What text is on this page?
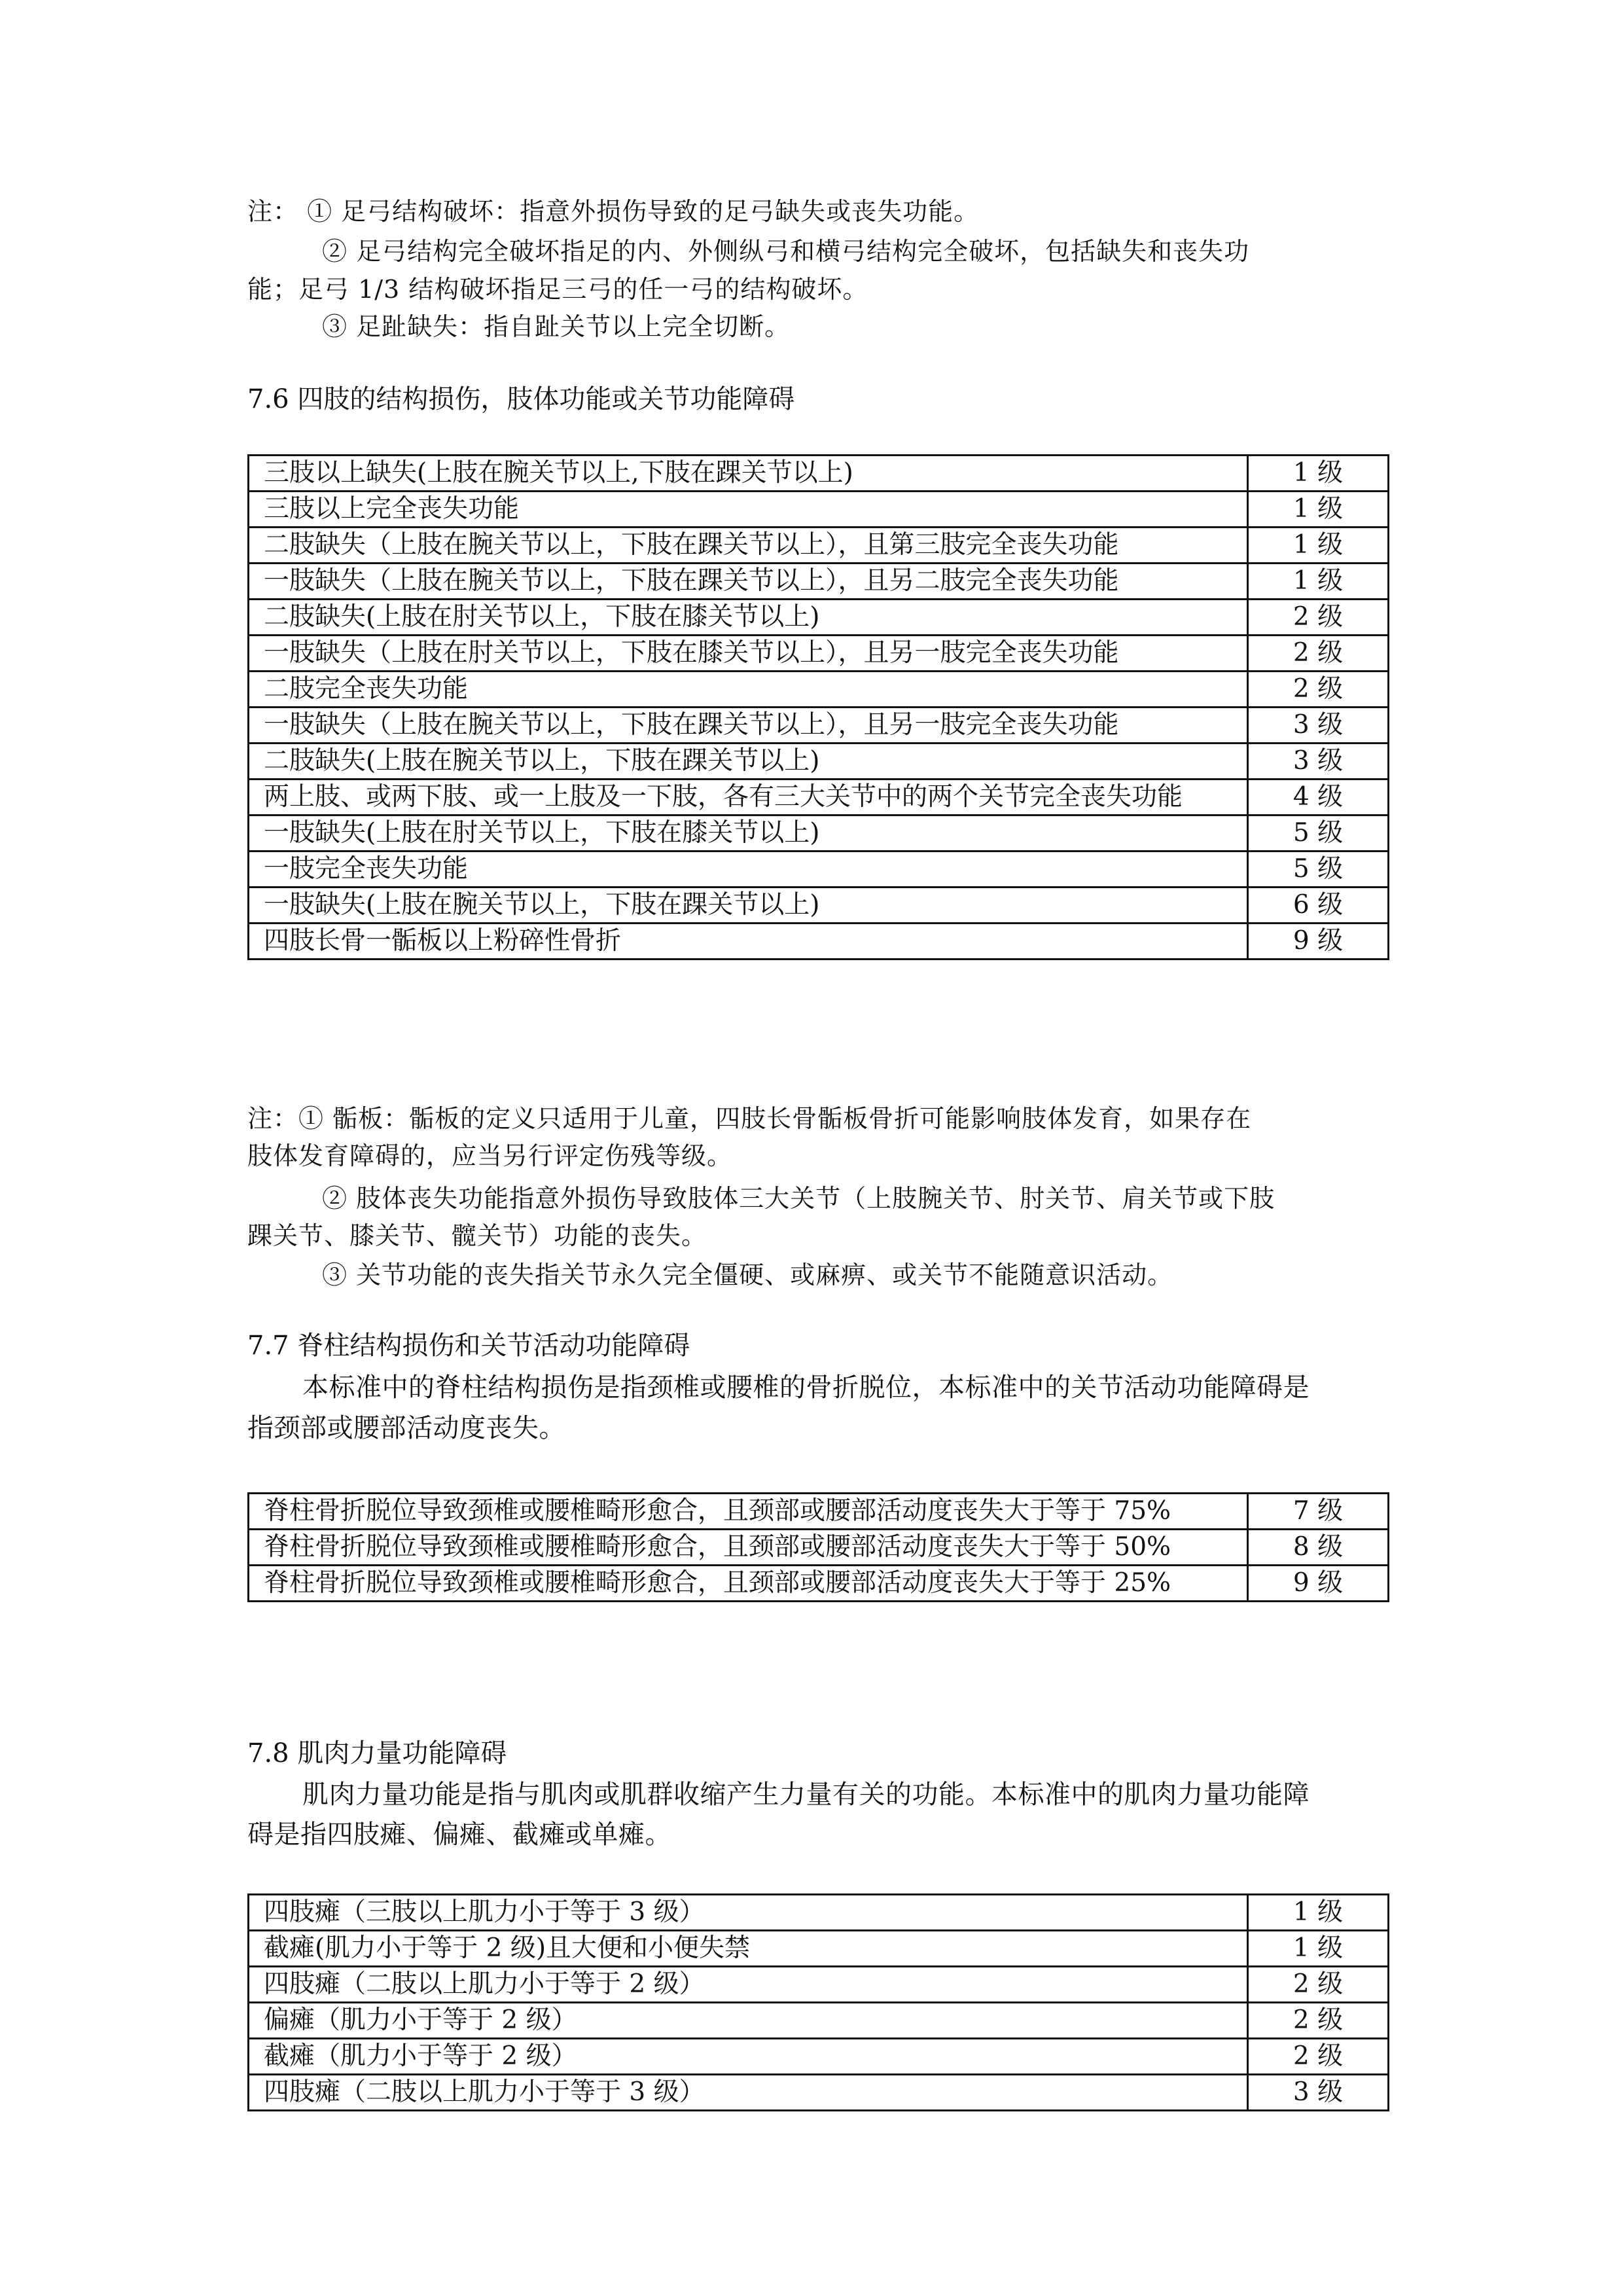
注： ① 足弓结构破坏：指意外损伤导致的足弓缺失或丧失功能。
② 足弓结构完全破坏指足的内、外侧纵弓和横弓结构完全破坏，包括缺失和丧失功
能；足弓 1/3 结构破坏指足三弓的任一弓的结构破坏。
③ 足趾缺失：指自趾关节以上完全切断。
7.6 四肢的结构损伤，肢体功能或关节功能障碍
三肢以上缺失(上肢在腕关节以上,下肢在踝关节以上)	1 级
三肢以上完全丧失功能	1 级
二肢缺失（上肢在腕关节以上，下肢在踝关节以上），且第三肢完全丧失功能	1 级
一肢缺失（上肢在腕关节以上，下肢在踝关节以上），且另二肢完全丧失功能	1 级
二肢缺失(上肢在肘关节以上，下肢在膝关节以上)	2 级
一肢缺失（上肢在肘关节以上，下肢在膝关节以上），且另一肢完全丧失功能	2 级
二肢完全丧失功能	2 级
一肢缺失（上肢在腕关节以上，下肢在踝关节以上），且另一肢完全丧失功能	3 级
二肢缺失(上肢在腕关节以上，下肢在踝关节以上)	3 级
两上肢、或两下肢、或一上肢及一下肢，各有三大关节中的两个关节完全丧失功能	4 级
一肢缺失(上肢在肘关节以上，下肢在膝关节以上)	5 级
一肢完全丧失功能	5 级
一肢缺失(上肢在腕关节以上，下肢在踝关节以上)	6 级
四肢长骨一骺板以上粉碎性骨折	9 级
注：① 骺板：骺板的定义只适用于儿童，四肢长骨骺板骨折可能影响肢体发育，如果存在
肢体发育障碍的，应当另行评定伤残等级。
② 肢体丧失功能指意外损伤导致肢体三大关节（上肢腕关节、肘关节、肩关节或下肢
踝关节、膝关节、髋关节）功能的丧失。
③ 关节功能的丧失指关节永久完全僵硬、或麻痹、或关节不能随意识活动。
7.7 脊柱结构损伤和关节活动功能障碍
本标准中的脊柱结构损伤是指颈椎或腰椎的骨折脱位，本标准中的关节活动功能障碍是
指颈部或腰部活动度丧失。
脊柱骨折脱位导致颈椎或腰椎畸形愈合，且颈部或腰部活动度丧失大于等于 75%	7 级
脊柱骨折脱位导致颈椎或腰椎畸形愈合，且颈部或腰部活动度丧失大于等于 50%	8 级
脊柱骨折脱位导致颈椎或腰椎畸形愈合，且颈部或腰部活动度丧失大于等于 25%	9 级
7.8 肌肉力量功能障碍
肌肉力量功能是指与肌肉或肌群收缩产生力量有关的功能。本标准中的肌肉力量功能障
碍是指四肢瘫、偏瘫、截瘫或单瘫。
四肢瘫（三肢以上肌力小于等于 3 级）	1 级
截瘫(肌力小于等于 2 级)且大便和小便失禁	1 级
四肢瘫（二肢以上肌力小于等于 2 级）	2 级
偏瘫（肌力小于等于 2 级）	2 级
截瘫（肌力小于等于 2 级）	2 级
四肢瘫（二肢以上肌力小于等于 3 级）	3 级
